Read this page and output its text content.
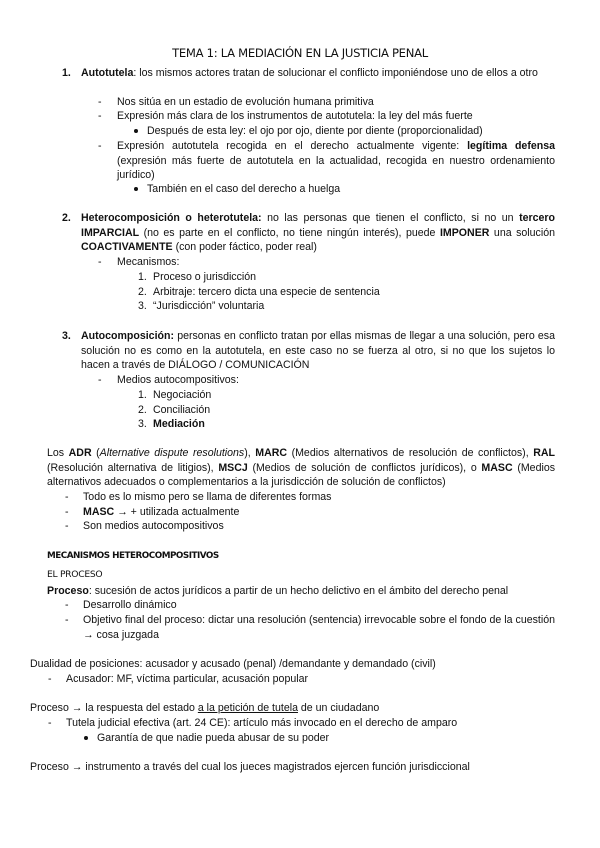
TEMA 1: LA MEDIACIÓN EN LA JUSTICIA PENAL
1. Autotutela: los mismos actores tratan de solucionar el conflicto imponiéndose uno de ellos a otro
- Nos sitúa en un estadio de evolución humana primitiva
- Expresión más clara de los instrumentos de autotutela: la ley del más fuerte
Después de esta ley: el ojo por ojo, diente por diente (proporcionalidad)
- Expresión autotutela recogida en el derecho actualmente vigente: legítima defensa (expresión más fuerte de autotutela en la actualidad, recogida en nuestro ordenamiento jurídico)
También en el caso del derecho a huelga
2. Heterocomposición o heterotutela: no las personas que tienen el conflicto, si no un tercero IMPARCIAL (no es parte en el conflicto, no tiene ningún interés), puede IMPONER una solución COACTIVAMENTE (con poder fáctico, poder real)
- Mecanismos:
1. Proceso o jurisdicción
2. Arbitraje: tercero dicta una especie de sentencia
3. “Jurisdicción” voluntaria
3. Autocomposición: personas en conflicto tratan por ellas mismas de llegar a una solución, pero esa solución no es como en la autotutela, en este caso no se fuerza al otro, si no que los sujetos lo hacen a través de DIÁLOGO / COMUNICACIÓN
- Medios autocompositivos:
1. Negociación
2. Conciliación
3. Mediación
Los ADR (Alternative dispute resolutions), MARC (Medios alternativos de resolución de conflictos), RAL (Resolución alternativa de litigios), MSCJ (Medios de solución de conflictos jurídicos), o MASC (Medios alternativos adecuados o complementarios a la jurisdicción de solución de conflictos)
- Todo es lo mismo pero se llama de diferentes formas
- MASC → + utilizada actualmente
- Son medios autocompositivos
MECANISMOS HETEROCOMPOSITIVOS
EL PROCESO
Proceso: sucesión de actos jurídicos a partir de un hecho delictivo en el ámbito del derecho penal
- Desarrollo dinámico
- Objetivo final del proceso: dictar una resolución (sentencia) irrevocable sobre el fondo de la cuestión → cosa juzgada
Dualidad de posiciones: acusador y acusado (penal) /demandante y demandado (civil)
- Acusador: MF, víctima particular, acusación popular
Proceso → la respuesta del estado a la petición de tutela de un ciudadano
- Tutela judicial efectiva (art. 24 CE): artículo más invocado en el derecho de amparo
Garantía de que nadie pueda abusar de su poder
Proceso → instrumento a través del cual los jueces magistrados ejercen función jurisdiccional
